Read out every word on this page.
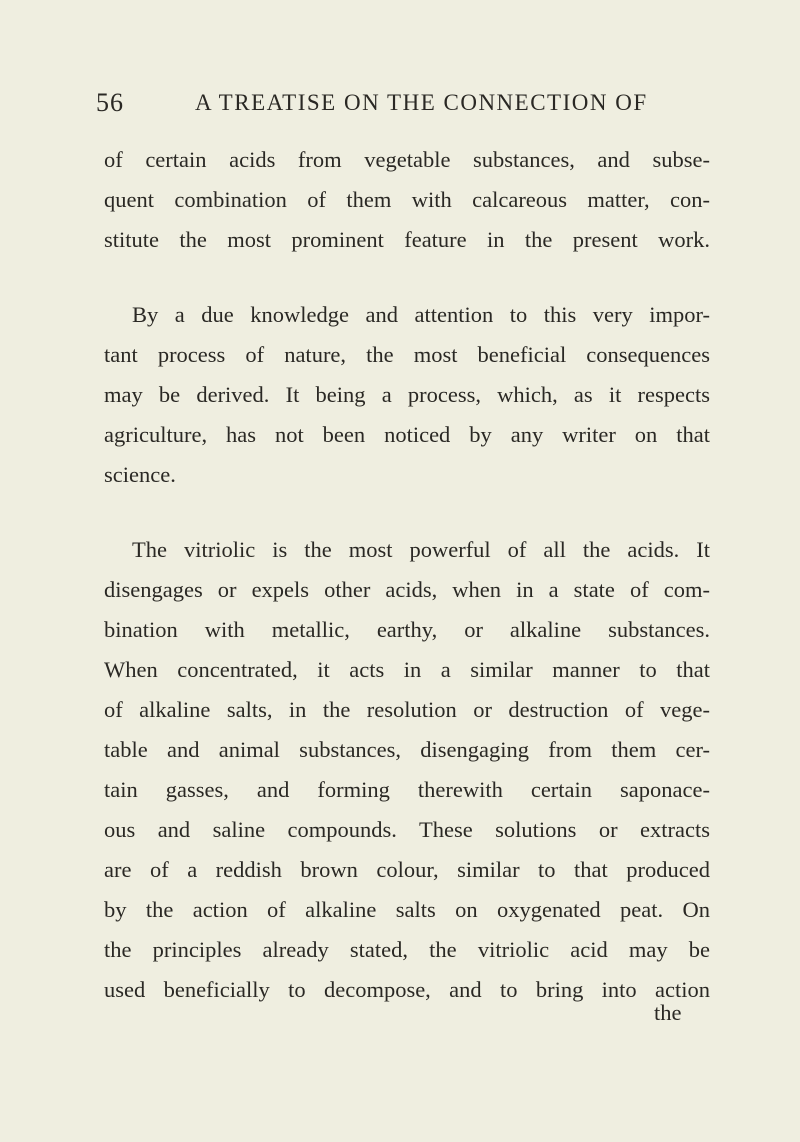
56	A TREATISE ON THE CONNECTION OF
of certain acids from vegetable substances, and subse-
quent combination of them with calcareous matter, con-
stitute the most prominent feature in the present work.
By a due knowledge and attention to this very impor-
tant process of nature, the most beneficial consequences
may be derived. It being a process, which, as it respects
agriculture, has not been noticed by any writer on that
science.
The vitriolic is the most powerful of all the acids. It
disengages or expels other acids, when in a state of com-
bination with metallic, earthy, or alkaline substances.
When concentrated, it acts in a similar manner to that
of alkaline salts, in the resolution or destruction of vege-
table and animal substances, disengaging from them cer-
tain gasses, and forming therewith certain saponace-
ous and saline compounds. These solutions or extracts
are of a reddish brown colour, similar to that produced
by the action of alkaline salts on oxygenated peat. On
the principles already stated, the vitriolic acid may be
used beneficially to decompose, and to bring into action
the
